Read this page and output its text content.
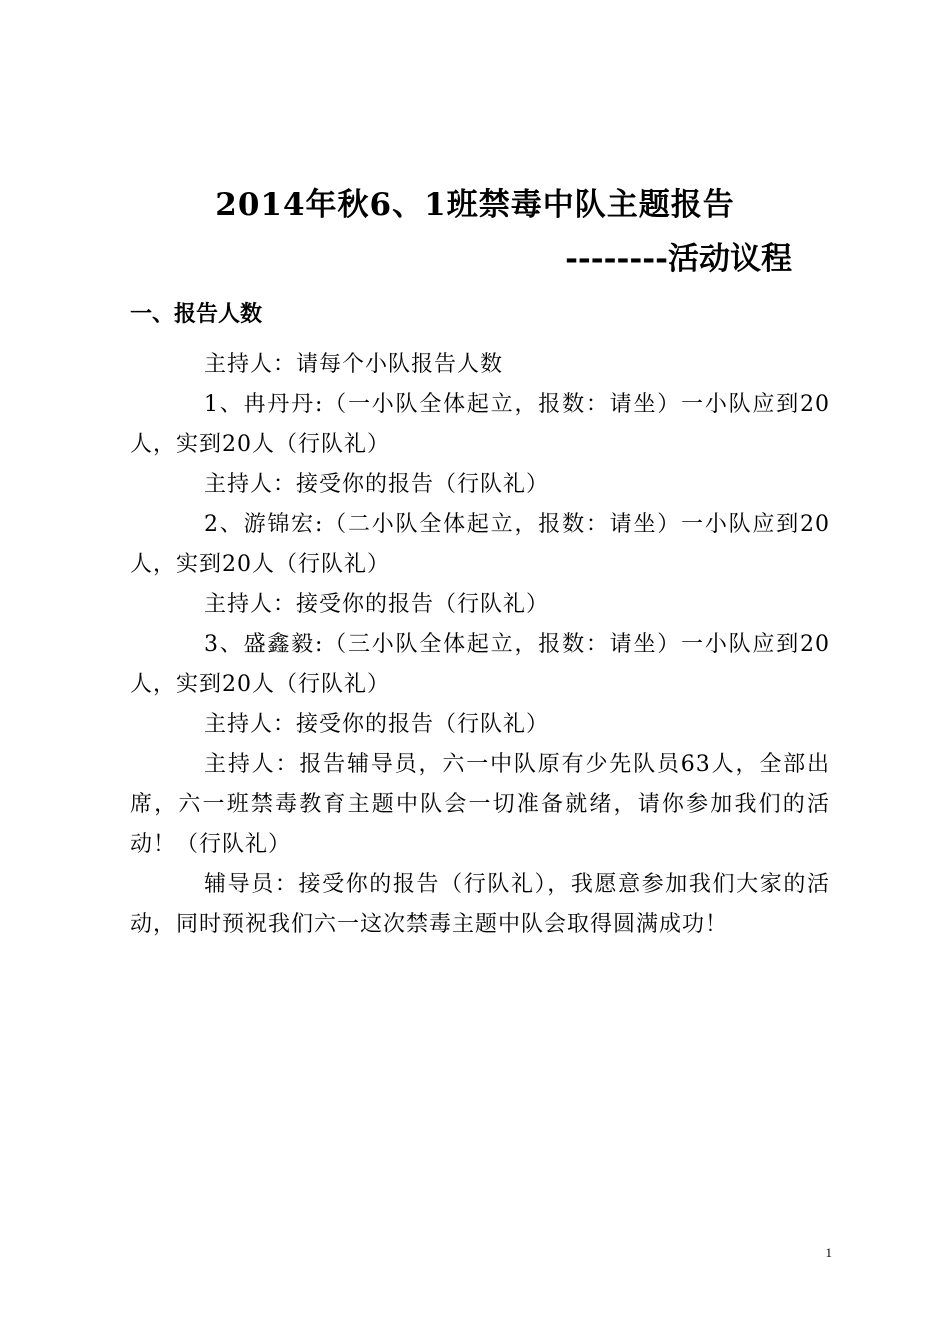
2014年秋6、1班禁毒中队主题报告
--------活动议程
一、报告人数

主持人：请每个小队报告人数

1、冉丹丹:（一小队全体起立，报数：请坐）一小队应到20人，实到20人（行队礼）

主持人：接受你的报告（行队礼）

2、游锦宏:（二小队全体起立，报数：请坐）一小队应到20人，实到20人（行队礼）

主持人：接受你的报告（行队礼）

3、盛鑫毅:（三小队全体起立，报数：请坐）一小队应到20人，实到20人（行队礼）

主持人：接受你的报告（行队礼）

主持人：报告辅导员，六一中队原有少先队员63人，全部出席，六一班禁毒教育主题中队会一切准备就绪，请你参加我们的活动！（行队礼）

辅导员：接受你的报告（行队礼），我愿意参加我们大家的活动，同时预祝我们六一这次禁毒主题中队会取得圆满成功！

1
